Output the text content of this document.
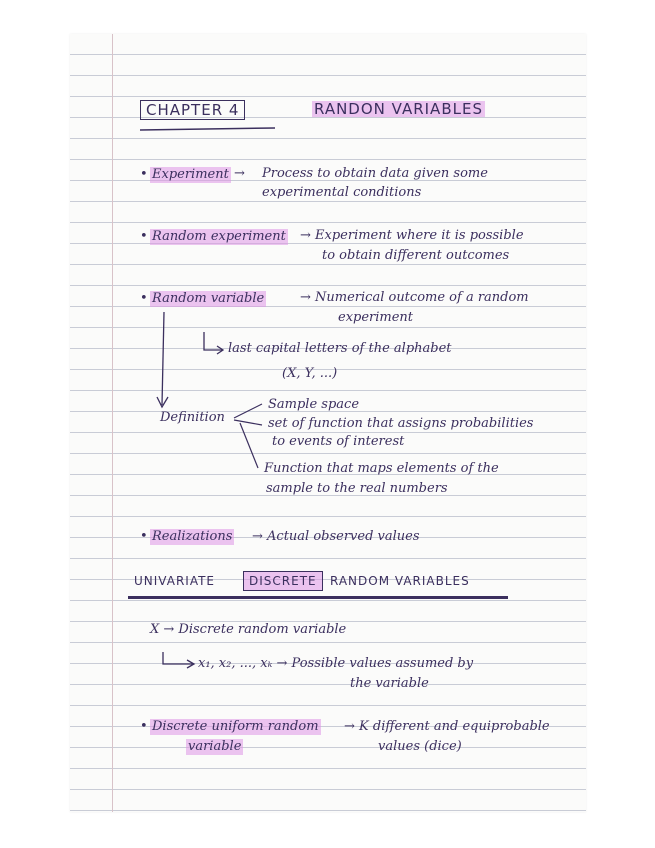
CHAPTER 4	RANDON VARIABLES
• Experiment → Process to obtain data given some
experimental conditions
• Random experiment → Experiment where it is possible
to obtain different outcomes
• Random variable	→ Numerical outcome of a random
experiment
last capital letters of the alphabet
(X, Y, ...)
Definition
Sample space
set of function that assigns probabilities
to events of interest
Function that maps elements of the
sample to the real numbers
• Realizations → Actual observed values
UNIVARIATE	DISCRETE	RANDOM VARIABLES
X → Discrete random variable
x₁, x₂, ..., xₖ → Possible values assumed by
the variable
• Discrete uniform random
variable
→ K different and equiprobable
values (dice)
